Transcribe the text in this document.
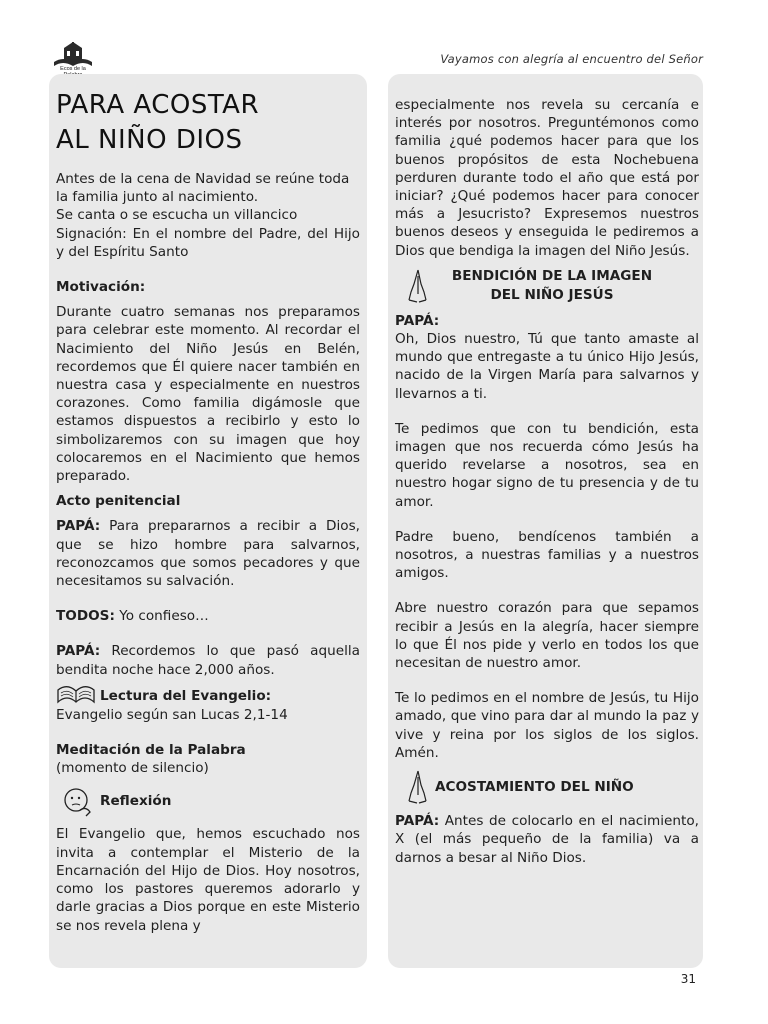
Ecos de la
Vayamos con alegría al encuentro del Señor
PARA ACOSTAR
AL NIÑO DIOS

Antes de la cena de Navidad se reúne toda la familia junto al nacimiento.

Se canta o se escucha un villancico

Signación: En el nombre del Padre, del Hijo y del Espíritu Santo

Motivación:

Durante cuatro semanas nos preparamos para celebrar este momento. Al recordar el Nacimiento del Niño Jesús en Belén, recordemos que Él quiere nacer también en nuestra casa y especialmente en nuestros corazones. Como familia digámosle que estamos dispuestos a recibirlo y esto lo simbolizaremos con su imagen que hoy colocaremos en el Nacimiento que hemos preparado.

Acto penitencial

PAPÁ: Para prepararnos a recibir a Dios, que se hizo hombre para salvarnos, reconozcamos que somos pecadores y que necesitamos su salvación.

TODOS: Yo confieso…

PAPÁ: Recordemos lo que pasó aquella bendita noche hace 2,000 años.

Lectura del Evangelio:

Evangelio según san Lucas 2,1-14

Meditación de la Palabra

(momento de silencio)

Reflexión

El Evangelio que, hemos escuchado nos invita a contemplar el Misterio de la Encarnación del Hijo de Dios. Hoy nosotros, como los pastores queremos adorarlo y darle gracias a Dios porque en este Misterio se nos revela plena y

especialmente nos revela su cercanía e interés por nosotros. Preguntémonos como familia ¿qué podemos hacer para que los buenos propósitos de esta Nochebuena perduren durante todo el año que está por iniciar? ¿Qué podemos hacer para conocer más a Jesucristo? Expresemos nuestros buenos deseos y enseguida le pediremos a Dios que bendiga la imagen del Niño Jesús.

BENDICIÓN DE LA IMAGEN
DEL NIÑO JESÚS

PAPÁ:

Oh, Dios nuestro, Tú que tanto amaste al mundo que entregaste a tu único Hijo Jesús, nacido de la Virgen María para salvarnos y llevarnos a ti.

Te pedimos que con tu bendición, esta imagen que nos recuerda cómo Jesús ha querido revelarse a nosotros, sea en nuestro hogar signo de tu presencia y de tu amor.

Padre bueno, bendícenos también a nosotros, a nuestras familias y a nuestros amigos.

Abre nuestro corazón para que sepamos recibir a Jesús en la alegría, hacer siempre lo que Él nos pide y verlo en todos los que necesitan de nuestro amor.

Te lo pedimos en el nombre de Jesús, tu Hijo amado, que vino para dar al mundo la paz y vive y reina por los siglos de los siglos. Amén.

ACOSTAMIENTO DEL NIÑO

PAPÁ: Antes de colocarlo en el nacimiento, X (el más pequeño de la familia) va a darnos a besar al Niño Dios.

31
